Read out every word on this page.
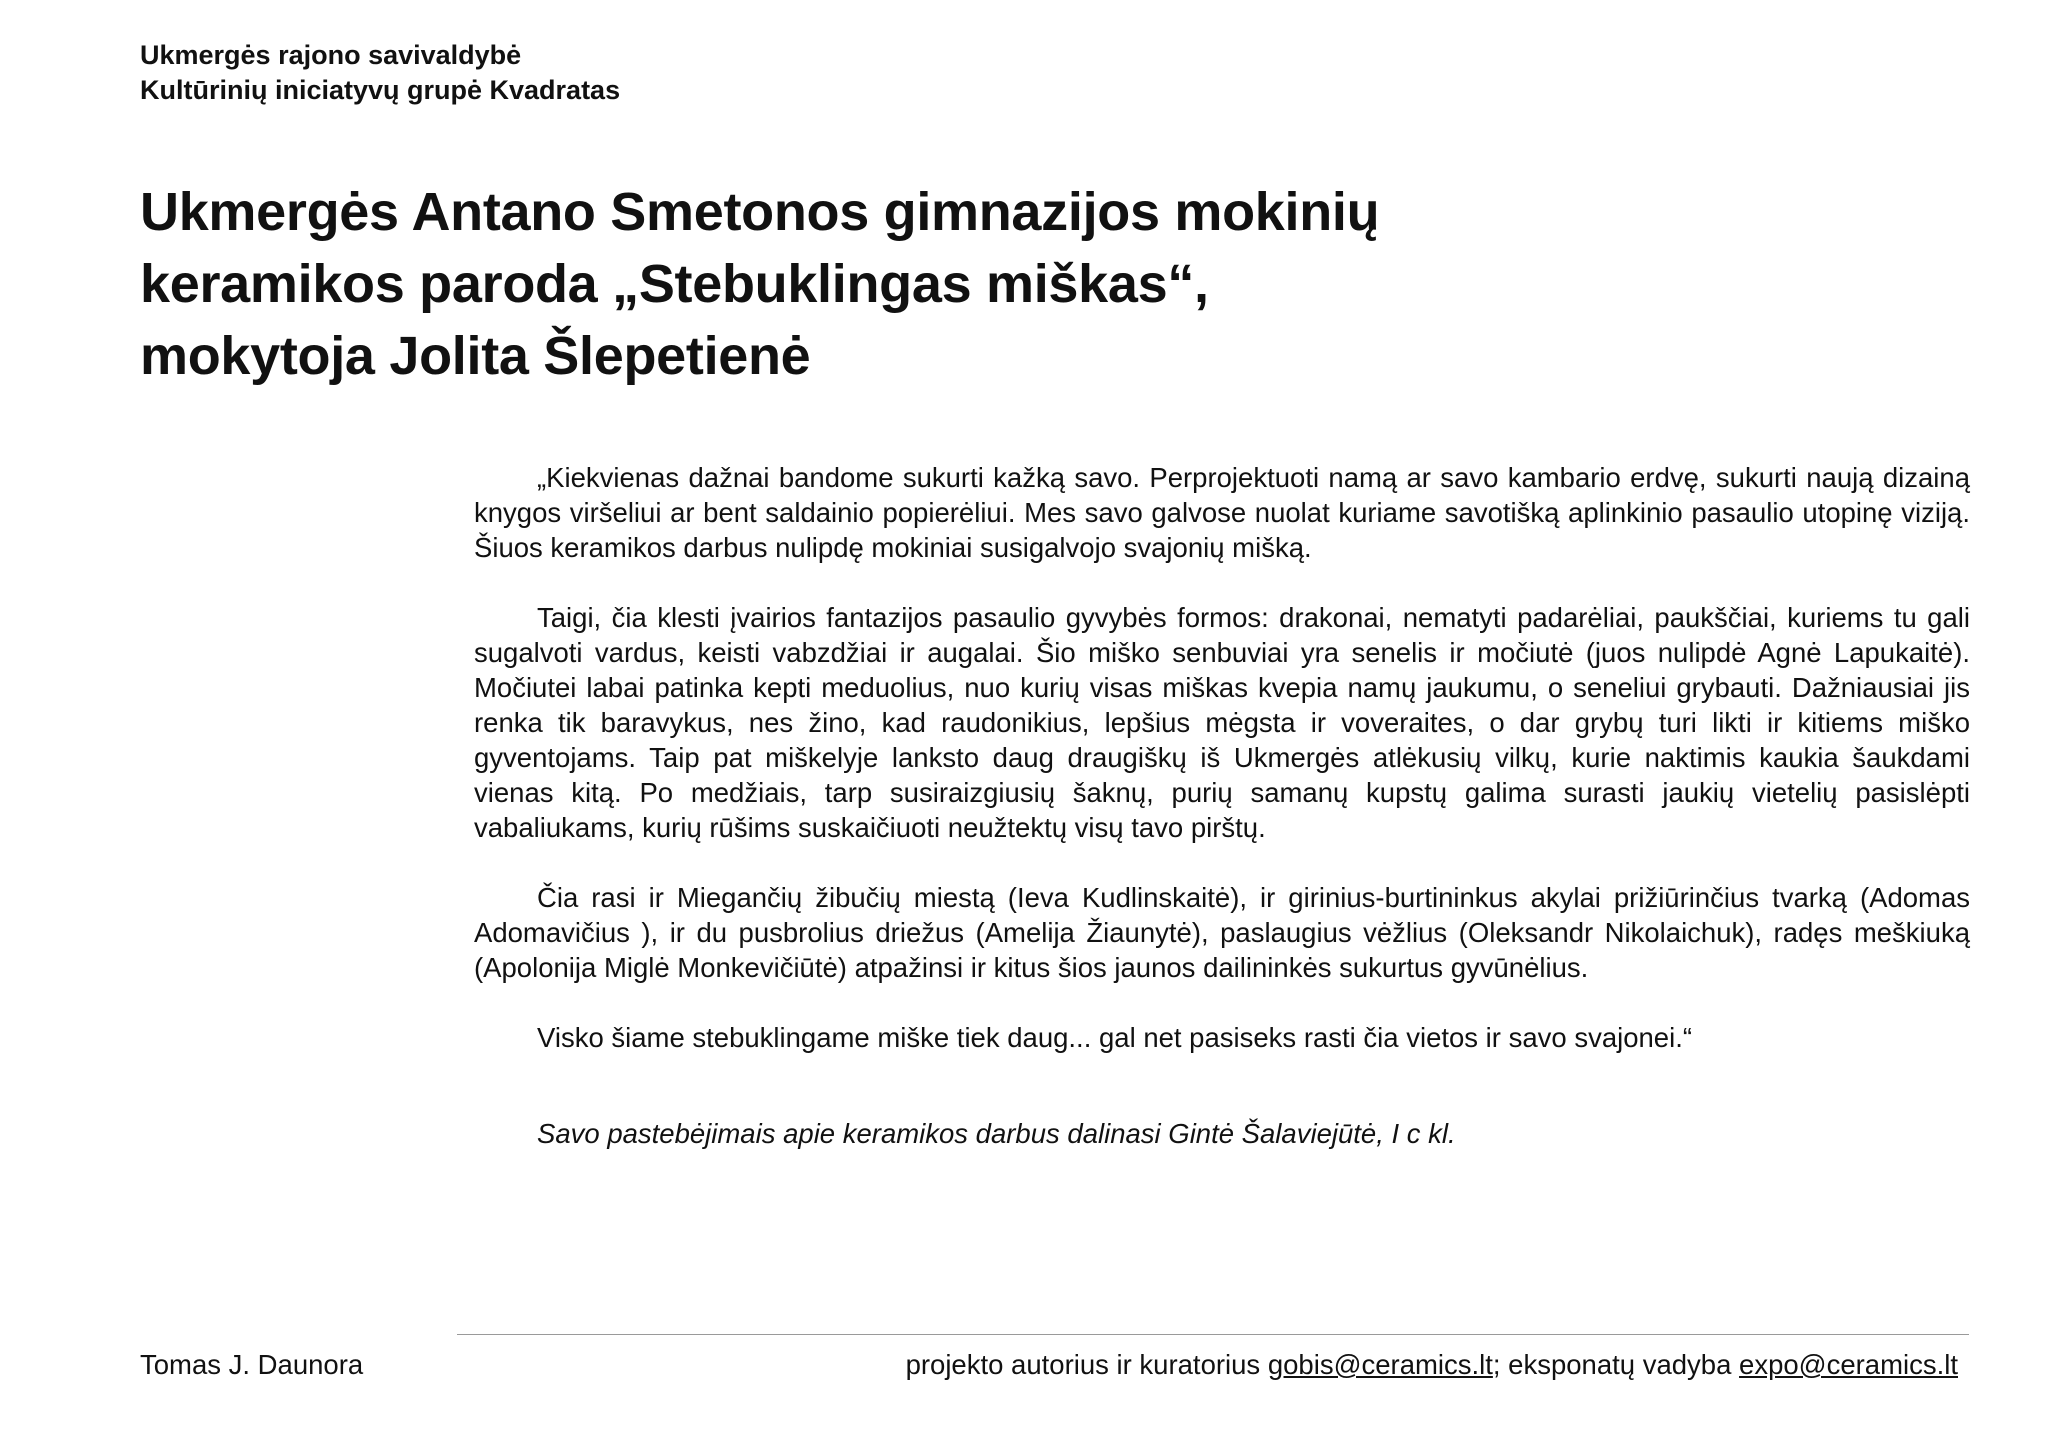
Ukmergės rajono savivaldybė
Kultūrinių iniciatyvų grupė Kvadratas
Ukmergės Antano Smetonos gimnazijos mokinių
keramikos paroda „Stebuklingas miškas“,
mokytoja Jolita Šlepetienė

„Kiekvienas dažnai bandome sukurti kažką savo. Perprojektuoti namą ar savo kambario erdvę, sukurti naują dizainą knygos viršeliui ar bent saldainio popierėliui. Mes savo galvose nuolat kuriame savotišką aplinkinio pasaulio utopinę viziją. Šiuos keramikos darbus nulipdę mokiniai susigalvojo svajonių mišką.

Taigi, čia klesti įvairios fantazijos pasaulio gyvybės formos: drakonai, nematyti padarėliai, paukščiai, kuriems tu gali sugalvoti vardus, keisti vabzdžiai ir augalai. Šio miško senbuviai yra senelis ir močiutė (juos nulipdė Agnė Lapukaitė). Močiutei labai patinka kepti meduolius, nuo kurių visas miškas kvepia namų jaukumu, o seneliui grybauti. Dažniausiai jis renka tik baravykus, nes žino, kad raudonikius, lepšius mėgsta ir voveraites, o dar grybų turi likti ir kitiems miško gyventojams. Taip pat miškelyje lanksto daug draugiškų iš Ukmergės atlėkusių vilkų, kurie naktimis kaukia šaukdami vienas kitą. Po medžiais, tarp susiraizgiusių šaknų, purių samanų kupstų galima surasti jaukių vietelių pasislėpti vabaliukams, kurių rūšims suskaičiuoti neužtektų visų tavo pirštų.

Čia rasi ir Miegančių žibučių miestą (Ieva Kudlinskaitė), ir girinius-burtininkus akylai prižiūrinčius tvarką (Adomas Adomavičius ), ir du pusbrolius driežus (Amelija Žiaunytė), paslaugius vėžlius (Oleksandr Nikolaichuk), radęs meškiuką (Apolonija Miglė Monkevičiūtė) atpažinsi ir kitus šios jaunos dailininkės sukurtus gyvūnėlius.

Visko šiame stebuklingame miške tiek daug... gal net pasiseks rasti čia vietos ir savo svajonei.“

Savo pastebėjimais apie keramikos darbus dalinasi Gintė Šalaviejūtė, I c kl.

Tomas J. Daunora	projekto autorius ir kuratorius gobis@ceramics.lt; eksponatų vadyba expo@ceramics.lt
